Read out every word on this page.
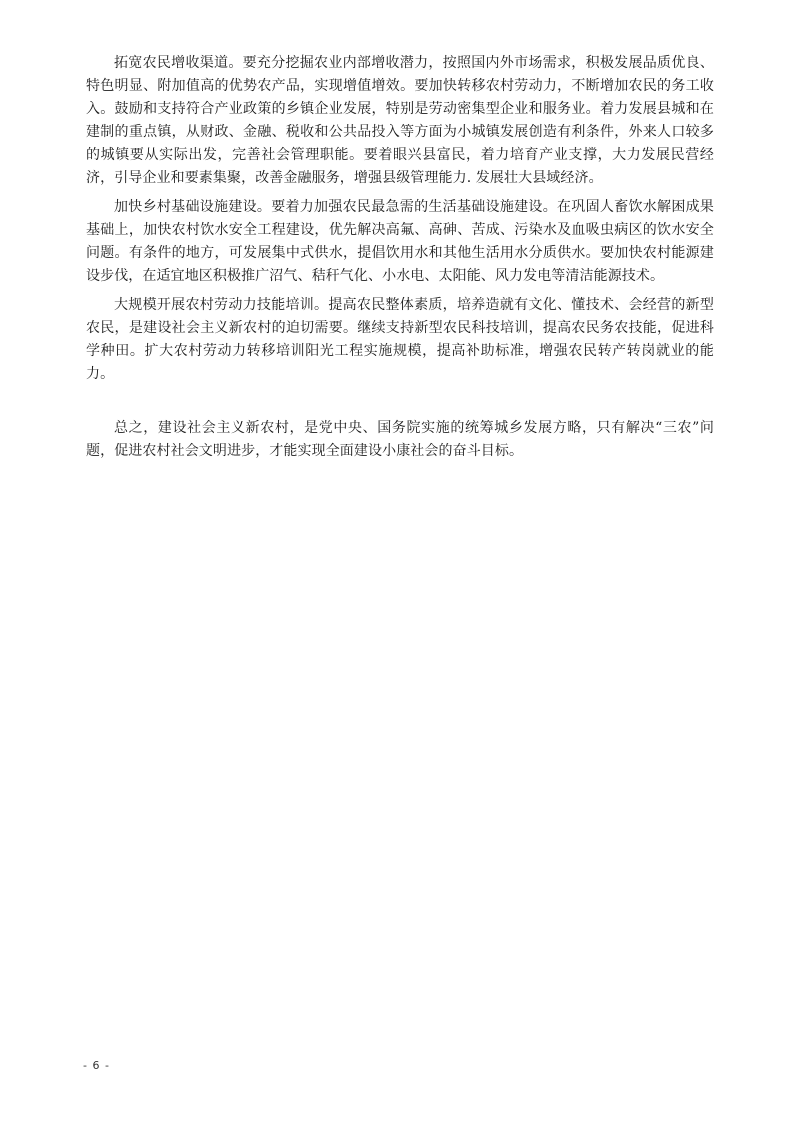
拓宽农民增收渠道。要充分挖掘农业内部增收潜力，按照国内外市场需求，积极发展品质优良、特色明显、附加值高的优势农产品，实现增值增效。要加快转移农村劳动力，不断增加农民的务工收入。鼓励和支持符合产业政策的乡镇企业发展，特别是劳动密集型企业和服务业。着力发展县城和在建制的重点镇，从财政、金融、税收和公共品投入等方面为小城镇发展创造有利条件，外来人口较多的城镇要从实际出发，完善社会管理职能。要着眼兴县富民，着力培育产业支撑，大力发展民营经济，引导企业和要素集聚，改善金融服务，增强县级管理能力. 发展壮大县域经济。

加快乡村基础设施建设。要着力加强农民最急需的生活基础设施建设。在巩固人畜饮水解困成果基础上，加快农村饮水安全工程建设，优先解决高氟、高砷、苦成、污染水及血吸虫病区的饮水安全问题。有条件的地方，可发展集中式供水，提倡饮用水和其他生活用水分质供水。要加快农村能源建设步伐，在适宜地区积极推广沼气、秸秆气化、小水电、太阳能、风力发电等清洁能源技术。

大规模开展农村劳动力技能培训。提高农民整体素质，培养造就有文化、懂技术、会经营的新型农民，是建设社会主义新农村的迫切需要。继续支持新型农民科技培训，提高农民务农技能，促进科学种田。扩大农村劳动力转移培训阳光工程实施规模，提高补助标准，增强农民转产转岗就业的能力。

总之，建设社会主义新农村，是党中央、国务院实施的统筹城乡发展方略，只有解决“三农”问题，促进农村社会文明进步，才能实现全面建设小康社会的奋斗目标。

- 6 -
